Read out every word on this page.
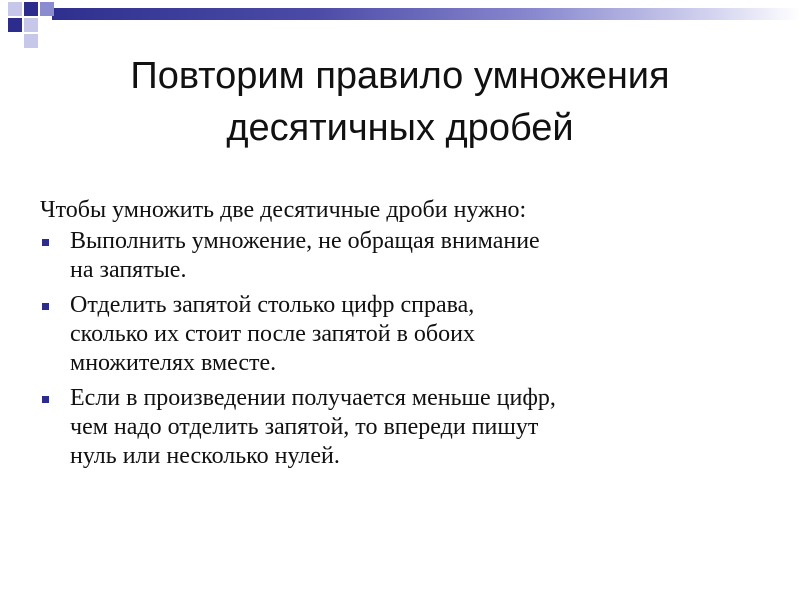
Повторим правило умножения
десятичных дробей
Чтобы умножить две десятичные дроби нужно:
Выполнить умножение, не обращая внимание
на запятые.
Отделить запятой столько цифр справа,
сколько их стоит после запятой в обоих
множителях вместе.
Если в произведении получается меньше цифр,
чем надо отделить запятой, то впереди пишут
нуль или несколько нулей.
